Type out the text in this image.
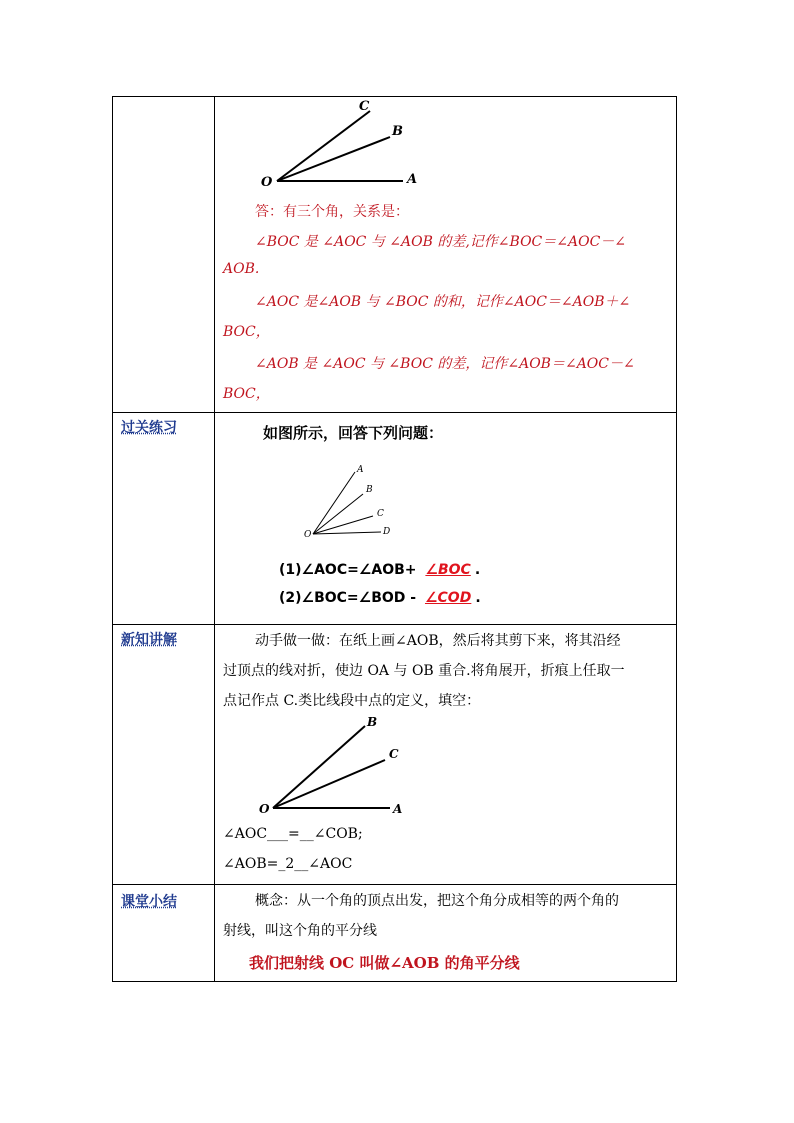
C
B
O	A
答：有三个角，关系是：
∠BOC 是 ∠AOC 与 ∠AOB 的差,记作∠BOC＝∠AOC－∠
AOB.
∠AOC 是∠AOB 与 ∠BOC 的和，记作∠AOC＝∠AOB＋∠
BOC，
∠AOB 是 ∠AOC 与 ∠BOC 的差，记作∠AOB＝∠AOC－∠
BOC，
过关练习	如图所示，回答下列问题：
A
B
C
D
O
(1)∠AOC=∠AOB+ ∠BOC .
(2)∠BOC=∠BOD - ∠COD .
新知讲解	动手做一做：在纸上画∠AOB，然后将其剪下来，将其沿经
过顶点的线对折，使边 OA 与 OB 重合.将角展开，折痕上任取一
点记作点 C.类比线段中点的定义，填空：
B
C
O	A
∠AOC___=__∠COB;
∠AOB=_2__∠AOC
课堂小结	概念：从一个角的顶点出发，把这个角分成相等的两个角的
射线，叫这个角的平分线
我们把射线 OC 叫做∠AOB 的角平分线
